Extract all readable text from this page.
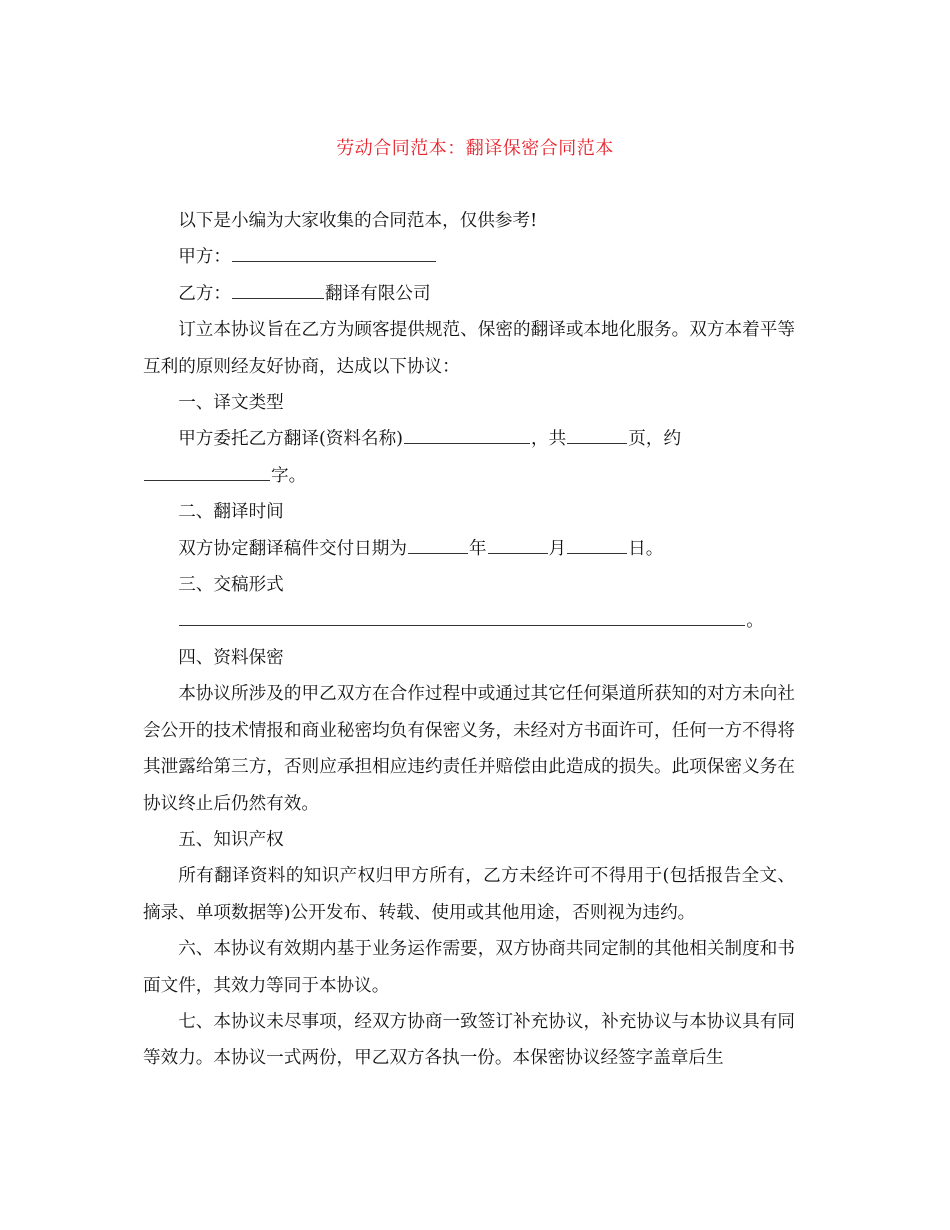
劳动合同范本：翻译保密合同范本
以下是小编为大家收集的合同范本，仅供参考!
甲方：
乙方：	翻译有限公司

订立本协议旨在乙方为顾客提供规范、保密的翻译或本地化服务。双方本着平等互利的原则经友好协商，达成以下协议：

一、译文类型
甲方委托乙方翻译(资料名称)	，共	页，约
字。
二、翻译时间
双方协定翻译稿件交付日期为	年	月	日。
三、交稿形式
。
四、资料保密

本协议所涉及的甲乙双方在合作过程中或通过其它任何渠道所获知的对方未向社会公开的技术情报和商业秘密均负有保密义务，未经对方书面许可，任何一方不得将其泄露给第三方，否则应承担相应违约责任并赔偿由此造成的损失。此项保密义务在协议终止后仍然有效。

五、知识产权

所有翻译资料的知识产权归甲方所有，乙方未经许可不得用于(包括报告全文、摘录、单项数据等)公开发布、转载、使用或其他用途，否则视为违约。

六、本协议有效期内基于业务运作需要，双方协商共同定制的其他相关制度和书面文件，其效力等同于本协议。

七、本协议未尽事项，经双方协商一致签订补充协议，补充协议与本协议具有同等效力。本协议一式两份，甲乙双方各执一份。本保密协议经签字盖章后生
